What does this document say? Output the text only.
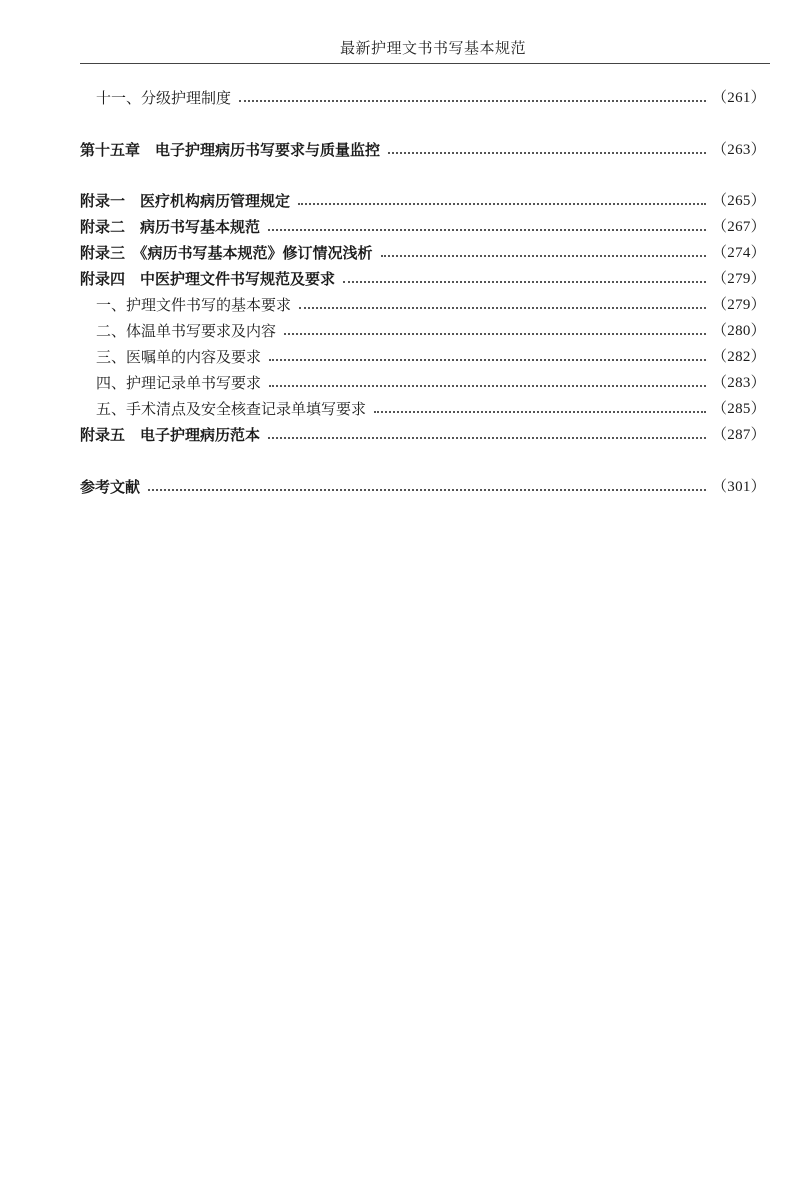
最新护理文书书写基本规范
十一、分级护理制度	（261）
第十五章　电子护理病历书写要求与质量监控	（263）
附录一　医疗机构病历管理规定	（265）
附录二　病历书写基本规范	（267）
附录三　《病历书写基本规范》修订情况浅析	（274）
附录四　中医护理文件书写规范及要求	（279）
一、护理文件书写的基本要求	（279）
二、体温单书写要求及内容	（280）
三、医嘱单的内容及要求	（282）
四、护理记录单书写要求	（283）
五、手术清点及安全核查记录单填写要求	（285）
附录五　电子护理病历范本	（287）
参考文献	（301）
